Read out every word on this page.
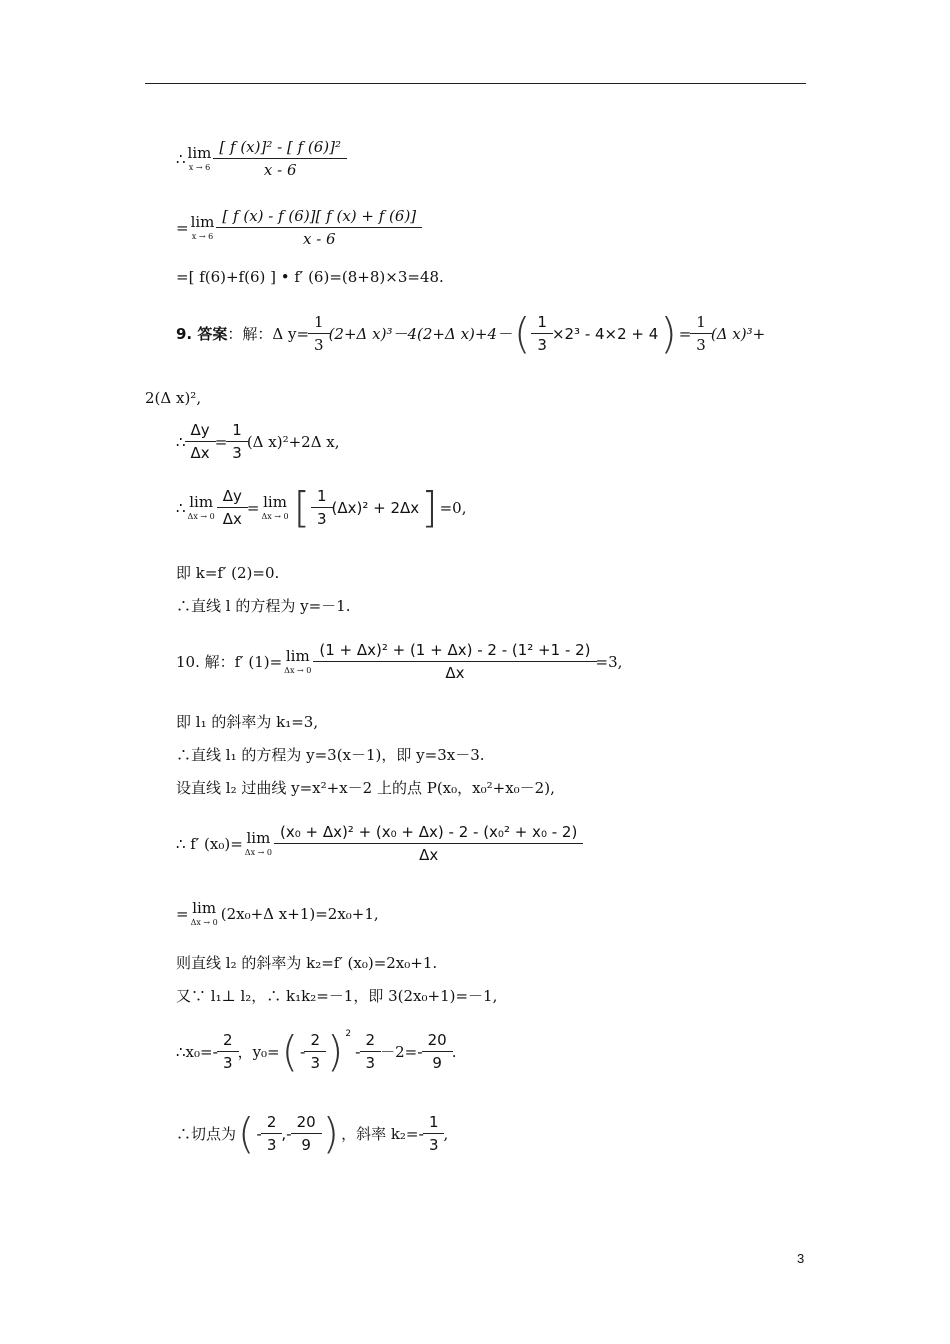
∴ lim
x → 6
[ f (x)]² - [ f (6)]²
x - 6
= lim
x → 6
[ f (x) - f (6)][ f (x) + f (6)]
x - 6
=[ f(6)+f(6) ] • f′ (6)=(8+8)×3=48.
9. 答案 ： 解：Δ $y= \frac{1}{3} (2+\Delta$ x)³－4(2+Δ x)+4－ ( $\frac{1}{3} \times 2^3 - 4\times 2 + 4$ ) = $\frac{1}{3} (\Delta$ x)³+
2(Δ x)²,
∴ $\frac{\Delta y}{\Delta x} = \frac{1}{3} (\Delta$ x)²+2Δ x,
∴ lim
$\Delta x \to 0 \frac{\Delta y}{\Delta x} = \lim$
Δx → 0 [ 1
3
(Δx)² + 2Δx ] =0,
即 k=f′ (2)=0.
∴直线 l 的方程为 y=－1.
10. 解：f′ (1)= lim
$\Delta x \to 0 \frac{\text{(1 + Δx)² + (1 + Δx) - 2 - (1² +1 - 2)}}{\Delta x} =3$,
即 l₁ 的斜率为 k₁=3,
∴直线 l₁ 的方程为 y=3(x－1)，即 y=3x－3.
设直线 l₂ 过曲线 y=x²+x－2 上的点 P(x₀，x₀²+x₀－2),
∴ f′ (x₀)= lim
Δx → 0
(x₀ + Δx)² + (x₀ + Δx) - 2 - (x₀² + x₀ - 2)
Δx
= lim
Δx → 0 (2x₀+Δ x+1)=2x₀+1,
则直线 l₂ 的斜率为 k₂=f′ (x₀)=2x₀+1.
又∵ l₁⊥ l₂，∴ k₁k₂=－1，即 3(2x₀+1)=－1,
∴x₀= -
2
3
，y₀= ( -
2
3 ) 2
-
2
3
－2= -
20
9
.
∴切点为 ( -
2
3
, -
20
9 ) ，斜率 k₂= -
1
3
,
3
